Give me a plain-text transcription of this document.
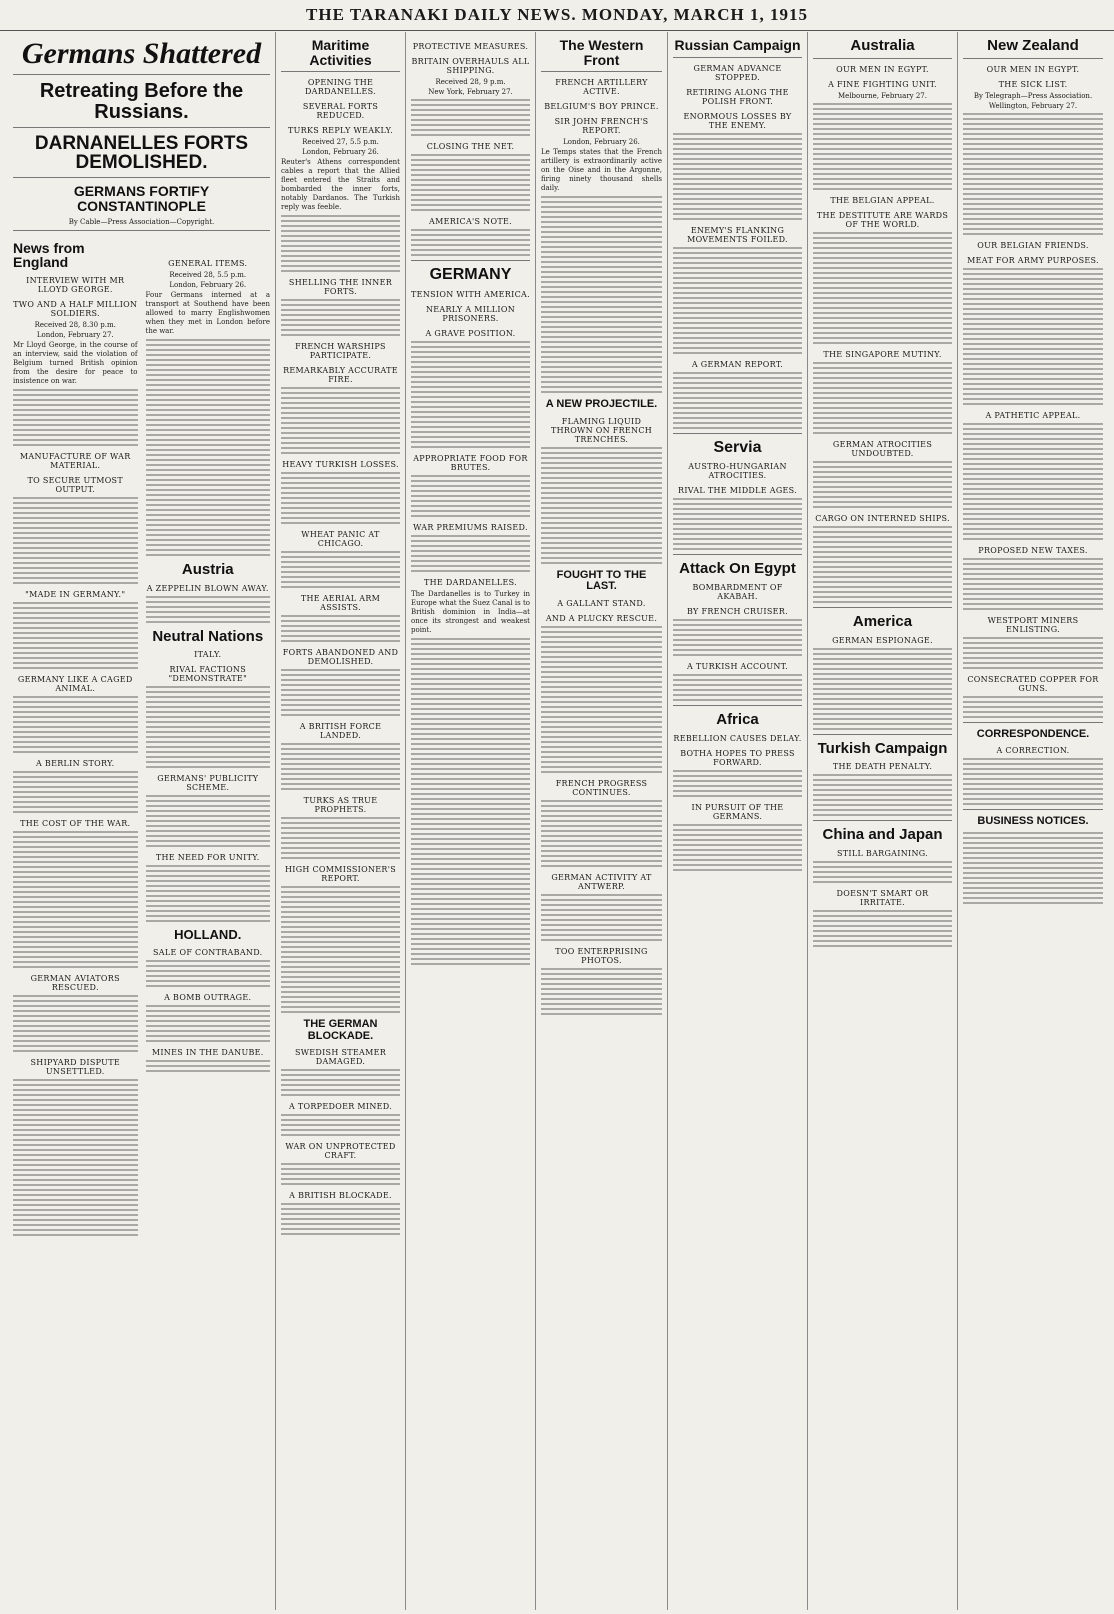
THE TARANAKI DAILY NEWS. MONDAY, MARCH 1, 1915
Germans Shattered
Retreating Before the Russians.
DARNANELLES FORTS DEMOLISHED.
GERMANS FORTIFY CONSTANTINOPLE
By Cable—Press Association—Copyright.
News from England
INTERVIEW WITH MR LLOYD GEORGE.
TWO AND A HALF MILLION SOLDIERS.
Received 28, 8.30 p.m.
London, February 27.

Mr Lloyd George, in the course of an interview, said the violation of Belgium turned British opinion from the desire for peace to insistence on war.

MANUFACTURE OF WAR MATERIAL.
TO SECURE UTMOST OUTPUT.
"MADE IN GERMANY."
GERMANY LIKE A CAGED ANIMAL.
A BERLIN STORY.
THE COST OF THE WAR.
GERMAN AVIATORS RESCUED.
SHIPYARD DISPUTE UNSETTLED.
GENERAL ITEMS.
Received 28, 5.5 p.m.
London, February 26.

Four Germans interned at a transport at Southend have been allowed to marry Englishwomen when they met in London before the war.

Austria
A ZEPPELIN BLOWN AWAY.
Neutral Nations
ITALY.
RIVAL FACTIONS "DEMONSTRATE"
GERMANS' PUBLICITY SCHEME.
THE NEED FOR UNITY.
HOLLAND.
SALE OF CONTRABAND.
A BOMB OUTRAGE.
MINES IN THE DANUBE.
Maritime Activities
OPENING THE DARDANELLES.
SEVERAL FORTS REDUCED.
TURKS REPLY WEAKLY.
Received 27, 5.5 p.m.
London, February 26.

Reuter's Athens correspondent cables a report that the Allied fleet entered the Straits and bombarded the inner forts, notably Dardanos. The Turkish reply was feeble.

SHELLING THE INNER FORTS.
FRENCH WARSHIPS PARTICIPATE.
REMARKABLY ACCURATE FIRE.
HEAVY TURKISH LOSSES.
WHEAT PANIC AT CHICAGO.
THE AERIAL ARM ASSISTS.
FORTS ABANDONED AND DEMOLISHED.
A BRITISH FORCE LANDED.
TURKS AS TRUE PROPHETS.
HIGH COMMISSIONER'S REPORT.
THE GERMAN BLOCKADE.
SWEDISH STEAMER DAMAGED.
A TORPEDOER MINED.
WAR ON UNPROTECTED CRAFT.
A BRITISH BLOCKADE.
PROTECTIVE MEASURES.
BRITAIN OVERHAULS ALL SHIPPING.
Received 28, 9 p.m.
New York, February 27.
CLOSING THE NET.
AMERICA'S NOTE.
GERMANY
TENSION WITH AMERICA.
NEARLY A MILLION PRISONERS.
A GRAVE POSITION.
APPROPRIATE FOOD FOR BRUTES.
WAR PREMIUMS RAISED.
THE DARDANELLES.

The Dardanelles is to Turkey in Europe what the Suez Canal is to British dominion in India—at once its strongest and weakest point.

The Western Front
FRENCH ARTILLERY ACTIVE.
BELGIUM'S BOY PRINCE.
SIR JOHN FRENCH'S REPORT.
London, February 26.

Le Temps states that the French artillery is extraordinarily active on the Oise and in the Argonne, firing ninety thousand shells daily.

A NEW PROJECTILE.
FLAMING LIQUID THROWN ON FRENCH TRENCHES.
FOUGHT TO THE LAST.
A GALLANT STAND.
AND A PLUCKY RESCUE.
FRENCH PROGRESS CONTINUES.
GERMAN ACTIVITY AT ANTWERP.
TOO ENTERPRISING PHOTOS.
Russian Campaign
GERMAN ADVANCE STOPPED.
RETIRING ALONG THE POLISH FRONT.
ENORMOUS LOSSES BY THE ENEMY.
ENEMY'S FLANKING MOVEMENTS FOILED.
A GERMAN REPORT.
Servia
AUSTRO-HUNGARIAN ATROCITIES.
RIVAL THE MIDDLE AGES.
Attack On Egypt
BOMBARDMENT OF AKABAH.
BY FRENCH CRUISER.
A TURKISH ACCOUNT.
Africa
REBELLION CAUSES DELAY.
BOTHA HOPES TO PRESS FORWARD.
IN PURSUIT OF THE GERMANS.
Australia
OUR MEN IN EGYPT.
A FINE FIGHTING UNIT.
Melbourne, February 27.
THE BELGIAN APPEAL.
THE DESTITUTE ARE WARDS OF THE WORLD.
THE SINGAPORE MUTINY.
GERMAN ATROCITIES UNDOUBTED.
CARGO ON INTERNED SHIPS.
America
GERMAN ESPIONAGE.
Turkish Campaign
THE DEATH PENALTY.
China and Japan
STILL BARGAINING.
DOESN'T SMART OR IRRITATE.
New Zealand
OUR MEN IN EGYPT.
THE SICK LIST.
By Telegraph—Press Association.
Wellington, February 27.
OUR BELGIAN FRIENDS.
MEAT FOR ARMY PURPOSES.
A PATHETIC APPEAL.
PROPOSED NEW TAXES.
WESTPORT MINERS ENLISTING.
CONSECRATED COPPER FOR GUNS.
CORRESPONDENCE.
A CORRECTION.
BUSINESS NOTICES.
